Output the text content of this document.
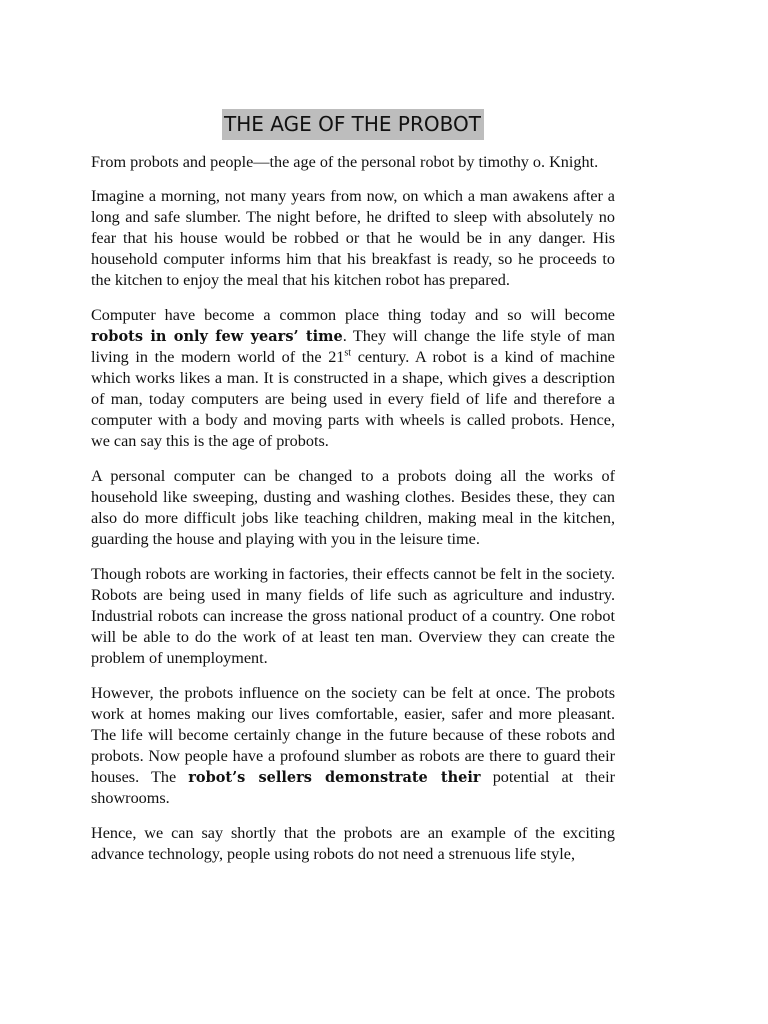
THE AGE OF THE PROBOT

From probots and people—the age of the personal robot by timothy o. Knight.

Imagine a morning, not many years from now, on which a man awakens after a long and safe slumber. The night before, he drifted to sleep with absolutely no fear that his house would be robbed or that he would be in any danger. His household computer informs him that his breakfast is ready, so he proceeds to the kitchen to enjoy the meal that his kitchen robot has prepared.

Computer have become a common place thing today and so will become robots in only few years’ time. They will change the life style of man living in the modern world of the 21st century. A robot is a kind of machine which works likes a man. It is constructed in a shape, which gives a description of man, today computers are being used in every field of life and therefore a computer with a body and moving parts with wheels is called probots. Hence, we can say this is the age of probots.

A personal computer can be changed to a probots doing all the works of household like sweeping, dusting and washing clothes. Besides these, they can also do more difficult jobs like teaching children, making meal in the kitchen, guarding the house and playing with you in the leisure time.

Though robots are working in factories, their effects cannot be felt in the society. Robots are being used in many fields of life such as agriculture and industry. Industrial robots can increase the gross national product of a country. One robot will be able to do the work of at least ten man. Overview they can create the problem of unemployment.

However, the probots influence on the society can be felt at once. The probots work at homes making our lives comfortable, easier, safer and more pleasant. The life will become certainly change in the future because of these robots and probots. Now people have a profound slumber as robots are there to guard their houses. The robot’s sellers demonstrate their potential at their showrooms.

Hence, we can say shortly that the probots are an example of the exciting advance technology, people using robots do not need a strenuous life style,
